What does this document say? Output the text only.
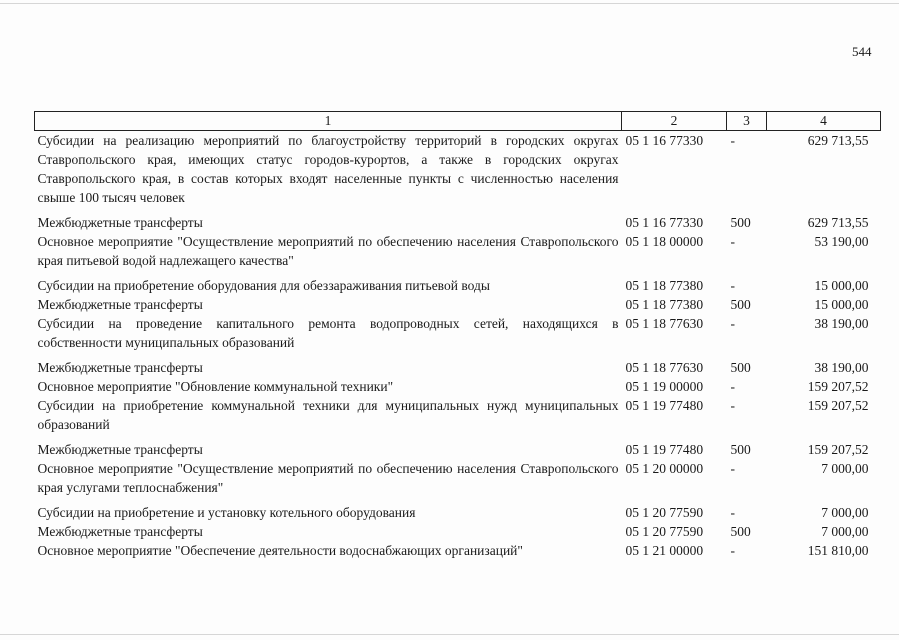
544
1	2	3	4
Субсидии на реализацию мероприятий по благоустройству территорий в городских округах Ставропольского края, имеющих статус городов-курортов, а также в городских округах Ставропольского края, в состав которых входят населенные пункты с численностью населения свыше 100 тысяч человек	05 1 16 77330	-	629 713,55
Межбюджетные трансферты	05 1 16 77330	500	629 713,55
Основное мероприятие "Осуществление мероприятий по обеспечению населения Ставропольского края питьевой водой надлежащего качества"	05 1 18 00000	-	53 190,00
Субсидии на приобретение оборудования для обеззараживания питьевой воды	05 1 18 77380	-	15 000,00
Межбюджетные трансферты	05 1 18 77380	500	15 000,00
Субсидии на проведение капитального ремонта водопроводных сетей, находящихся в собственности муниципальных образований	05 1 18 77630	-	38 190,00
Межбюджетные трансферты	05 1 18 77630	500	38 190,00
Основное мероприятие "Обновление коммунальной техники"	05 1 19 00000	-	159 207,52
Субсидии на приобретение коммунальной техники для муниципальных нужд муниципальных образований	05 1 19 77480	-	159 207,52
Межбюджетные трансферты	05 1 19 77480	500	159 207,52
Основное мероприятие "Осуществление мероприятий по обеспечению населения Ставропольского края услугами теплоснабжения"	05 1 20 00000	-	7 000,00
Субсидии на приобретение и установку котельного оборудования	05 1 20 77590	-	7 000,00
Межбюджетные трансферты	05 1 20 77590	500	7 000,00
Основное мероприятие "Обеспечение деятельности водоснабжающих организаций"	05 1 21 00000	-	151 810,00
